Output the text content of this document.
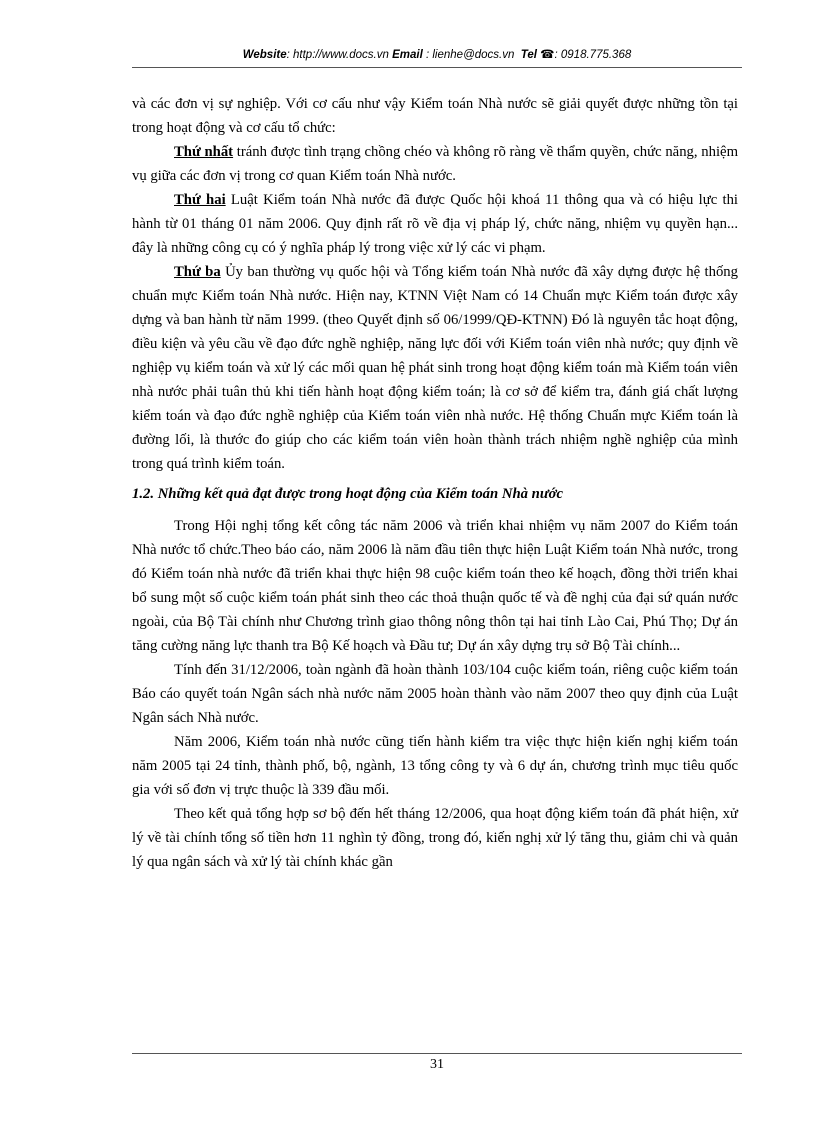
Website: http://www.docs.vn Email : lienhe@docs.vn Tel ☎: 0918.775.368

và các đơn vị sự nghiệp. Với cơ cấu như vậy Kiểm toán Nhà nước sẽ giải quyết được những tồn tại trong hoạt động và cơ cấu tổ chức:

Thứ nhất tránh được tình trạng chồng chéo và không rõ ràng về thẩm quyền, chức năng, nhiệm vụ giữa các đơn vị trong cơ quan Kiểm toán Nhà nước.

Thứ hai Luật Kiểm toán Nhà nước đã được Quốc hội khoá 11 thông qua và có hiệu lực thi hành từ 01 tháng 01 năm 2006. Quy định rất rõ về địa vị pháp lý, chức năng, nhiệm vụ quyền hạn... đây là những công cụ có ý nghĩa pháp lý trong việc xử lý các vi phạm.

Thứ ba Ủy ban thường vụ quốc hội và Tổng kiểm toán Nhà nước đã xây dựng được hệ thống chuẩn mực Kiểm toán Nhà nước. Hiện nay, KTNN Việt Nam có 14 Chuẩn mực Kiểm toán được xây dựng và ban hành từ năm 1999. (theo Quyết định số 06/1999/QĐ-KTNN) Đó là nguyên tắc hoạt động, điều kiện và yêu cầu về đạo đức nghề nghiệp, năng lực đối với Kiểm toán viên nhà nước; quy định về nghiệp vụ kiểm toán và xử lý các mối quan hệ phát sinh trong hoạt động kiểm toán mà Kiểm toán viên nhà nước phải tuân thủ khi tiến hành hoạt động kiểm toán; là cơ sở để kiểm tra, đánh giá chất lượng kiểm toán và đạo đức nghề nghiệp của Kiểm toán viên nhà nước. Hệ thống Chuẩn mực Kiểm toán là đường lối, là thước đo giúp cho các kiểm toán viên hoàn thành trách nhiệm nghề nghiệp của mình trong quá trình kiểm toán.

1.2. Những kết quả đạt được trong hoạt động của Kiểm toán Nhà nước

Trong Hội nghị tổng kết công tác năm 2006 và triển khai nhiệm vụ năm 2007 do Kiểm toán Nhà nước tổ chức.Theo báo cáo, năm 2006 là năm đầu tiên thực hiện Luật Kiểm toán Nhà nước, trong đó Kiểm toán nhà nước đã triển khai thực hiện 98 cuộc kiểm toán theo kế hoạch, đồng thời triển khai bổ sung một số cuộc kiểm toán phát sinh theo các thoả thuận quốc tế và đề nghị của đại sứ quán nước ngoài, của Bộ Tài chính như Chương trình giao thông nông thôn tại hai tỉnh Lào Cai, Phú Thọ; Dự án tăng cường năng lực thanh tra Bộ Kế hoạch và Đầu tư; Dự án xây dựng trụ sở Bộ Tài chính...

Tính đến 31/12/2006, toàn ngành đã hoàn thành 103/104 cuộc kiểm toán, riêng cuộc kiểm toán Báo cáo quyết toán Ngân sách nhà nước năm 2005 hoàn thành vào năm 2007 theo quy định của Luật Ngân sách Nhà nước.

Năm 2006, Kiểm toán nhà nước cũng tiến hành kiểm tra việc thực hiện kiến nghị kiểm toán năm 2005 tại 24 tỉnh, thành phố, bộ, ngành, 13 tổng công ty và 6 dự án, chương trình mục tiêu quốc gia với số đơn vị trực thuộc là 339 đầu mối.

Theo kết quả tổng hợp sơ bộ đến hết tháng 12/2006, qua hoạt động kiểm toán đã phát hiện, xử lý về tài chính tổng số tiền hơn 11 nghìn tỷ đồng, trong đó, kiến nghị xử lý tăng thu, giảm chi và quản lý qua ngân sách và xử lý tài chính khác gần

31
